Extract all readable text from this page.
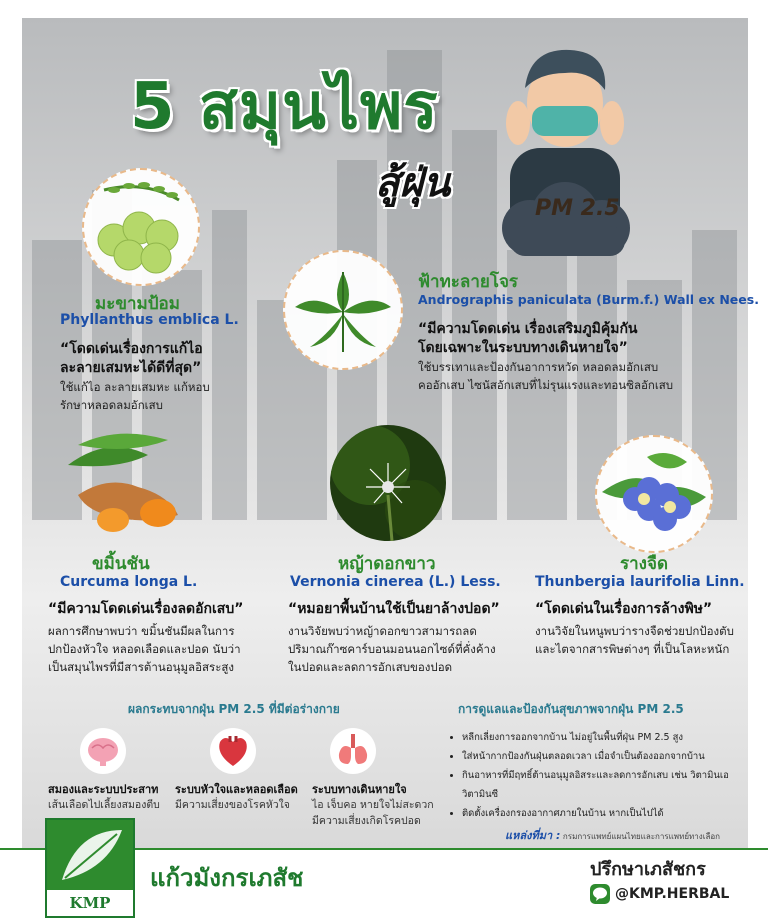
5 สมุนไพร
สู้ฝุ่น
PM 2.5
มะขามป้อม
Phyllanthus emblica L.
“โดดเด่นเรื่องการแก้ไอ
ละลายเสมหะได้ดีที่สุด”
ใช้แก้ไอ ละลายเสมหะ แก้หอบ
รักษาหลอดลมอักเสบ
ฟ้าทะลายโจร
Andrographis paniculata (Burm.f.) Wall ex Nees.
“มีความโดดเด่น เรื่องเสริมภูมิคุ้มกัน
โดยเฉพาะในระบบทางเดินหายใจ”
ใช้บรรเทาและป้องกันอาการหวัด หลอดลมอักเสบ
คออักเสบ ไซนัสอักเสบที่ไม่รุนแรงและทอนซิลอักเสบ
ขมิ้นชัน
Curcuma longa L.
“มีความโดดเด่นเรื่องลดอักเสบ”
ผลการศึกษาพบว่า ขมิ้นชันมีผลในการ
ปกป้องหัวใจ หลอดเลือดและปอด นับว่า
เป็นสมุนไพรที่มีสารต้านอนุมูลอิสระสูง
หญ้าดอกขาว
Vernonia cinerea (L.) Less.
“หมอยาพื้นบ้านใช้เป็นยาล้างปอด”
งานวิจัยพบว่าหญ้าดอกขาวสามารถลด
ปริมาณก๊าซคาร์บอนมอนนอกไซด์ที่คั่งค้าง
ในปอดและลดการอักเสบของปอด
รางจืด
Thunbergia laurifolia Linn.
“โดดเด่นในเรื่องการล้างพิษ”
งานวิจัยในหนูพบว่ารางจืดช่วยปกป้องตับ
และไตจากสารพิษต่างๆ ที่เป็นโลหะหนัก
ผลกระทบจากฝุ่น PM 2.5 ที่มีต่อร่างกาย
สมองและระบบประสาท
เส้นเลือดไปเลี้ยงสมองตีบ
ระบบหัวใจและหลอดเลือด
มีความเสี่ยงของโรคหัวใจ
ระบบทางเดินหายใจ
ไอ เจ็บคอ หายใจไม่สะดวก
มีความเสี่ยงเกิดโรคปอด
การดูแลและป้องกันสุขภาพจากฝุ่น PM 2.5
• หลีกเลี่ยงการออกจากบ้าน ไม่อยู่ในพื้นที่ฝุ่น PM 2.5 สูง
• ใส่หน้ากากป้องกันฝุ่นตลอดเวลา เมื่อจำเป็นต้องออกจากบ้าน
• กินอาหารที่มีฤทธิ์ต้านอนุมูลอิสระและลดการอักเสบ เช่น วิตามินเอ วิตามินซี
• ติดตั้งเครื่องกรองอากาศภายในบ้าน หากเป็นไปได้
แหล่งที่มา : กรมการแพทย์แผนไทยและการแพทย์ทางเลือก
KMP
แก้วมังกรเภสัช	ปรึกษาเภสัชกร
@KMP.HERBAL
